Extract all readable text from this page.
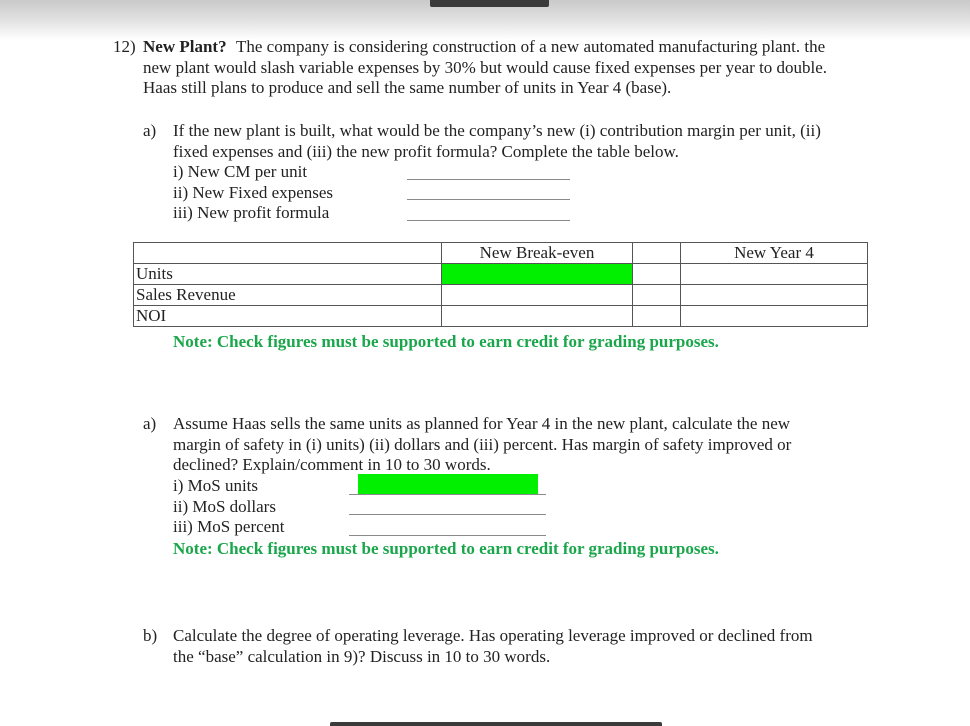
12) New Plant? The company is considering construction of a new automated manufacturing plant. the
new plant would slash variable expenses by 30% but would cause fixed expenses per year to double.
Haas still plans to produce and sell the same number of units in Year 4 (base).
a) If the new plant is built, what would be the company’s new (i) contribution margin per unit, (ii)
fixed expenses and (iii) the new profit formula? Complete the table below.
i) New CM per unit
ii) New Fixed expenses
iii) New profit formula
	New Break-even		New Year 4
Units			
Sales Revenue			
NOI			
Note: Check figures must be supported to earn credit for grading purposes.
a) Assume Haas sells the same units as planned for Year 4 in the new plant, calculate the new
margin of safety in (i) units) (ii) dollars and (iii) percent. Has margin of safety improved or
declined? Explain/comment in 10 to 30 words.
i) MoS units
ii) MoS dollars
iii) MoS percent
Note: Check figures must be supported to earn credit for grading purposes.
b) Calculate the degree of operating leverage. Has operating leverage improved or declined from
the “base” calculation in 9)? Discuss in 10 to 30 words.
